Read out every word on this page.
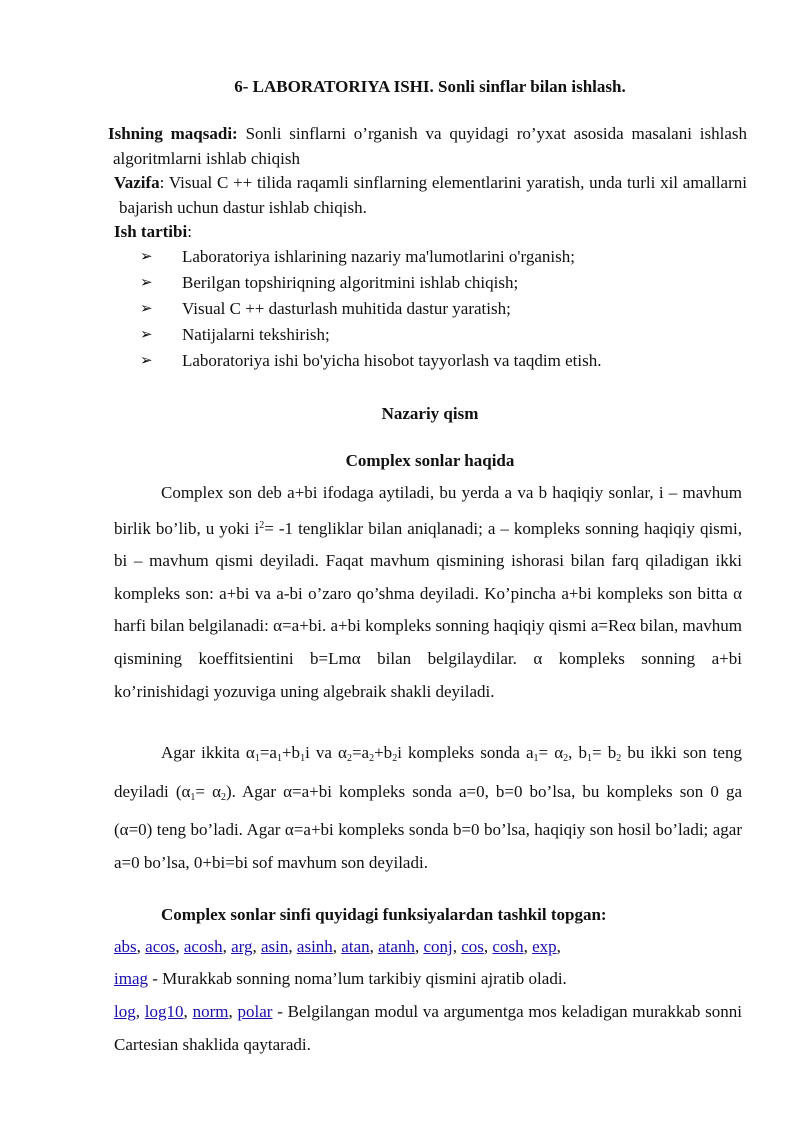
6- LABORATORIYA ISHI. Sonli sinflar bilan ishlash.
Ishning maqsadi: Sonli sinflarni o’rganish va quyidagi ro’yxat asosida masalani ishlash algoritmlarni ishlab chiqish
Vazifa: Visual C ++ tilida raqamli sinflarning elementlarini yaratish, unda turli xil amallarni bajarish uchun dastur ishlab chiqish.
Ish tartibi:
➢ Laboratoriya ishlarining nazariy ma'lumotlarini o'rganish;
➢ Berilgan topshiriqning algoritmini ishlab chiqish;
➢ Visual C ++ dasturlash muhitida dastur yaratish;
➢ Natijalarni tekshirish;
➢ Laboratoriya ishi bo'yicha hisobot tayyorlash va taqdim etish.
Nazariy qism
Complex sonlar haqida
Complex son deb a+bi ifodaga aytiladi, bu yerda a va b haqiqiy sonlar, i – mavhum birlik bo’lib, u yoki $i^2= -1$ tengliklar bilan aniqlanadi; a – kompleks sonning haqiqiy qismi, bi – mavhum qismi deyiladi. Faqat mavhum qismining ishorasi bilan farq qiladigan ikki kompleks son: a+bi va a-bi o’zaro qo’shma deyiladi. Ko’pincha a+bi kompleks son bitta α harfi bilan belgilanadi: α=a+bi. a+bi kompleks sonning haqiqiy qismi a=Reα bilan, mavhum qismining koeffitsientini b=Lmα bilan belgilaydilar. α kompleks sonning a+bi ko’rinishidagi yozuviga uning algebraik shakli deyiladi.
Agar ikkita $\alpha_1=a_1+b_1i$ va $\alpha_2=a_2+b_2i$ kompleks sonda $a_1= \alpha_2$, $b_1= b_2$ bu ikki son teng deyiladi $(\alpha_1= \alpha_2)$. Agar α=a+bi kompleks sonda a=0, b=0 bo’lsa, bu kompleks son 0 ga (α=0) teng bo’ladi. Agar α=a+bi kompleks sonda b=0 bo’lsa, haqiqiy son hosil bo’ladi; agar a=0 bo’lsa, 0+bi=bi sof mavhum son deyiladi.
Complex sonlar sinfi quyidagi funksiyalardan tashkil topgan:
abs, acos, acosh, arg, asin, asinh, atan, atanh, conj, cos, cosh, exp,
imag - Murakkab sonning noma’lum tarkibiy qismini ajratib oladi.
log, log10, norm, polar - Belgilangan modul va argumentga mos keladigan murakkab sonni Cartesian shaklida qaytaradi.
